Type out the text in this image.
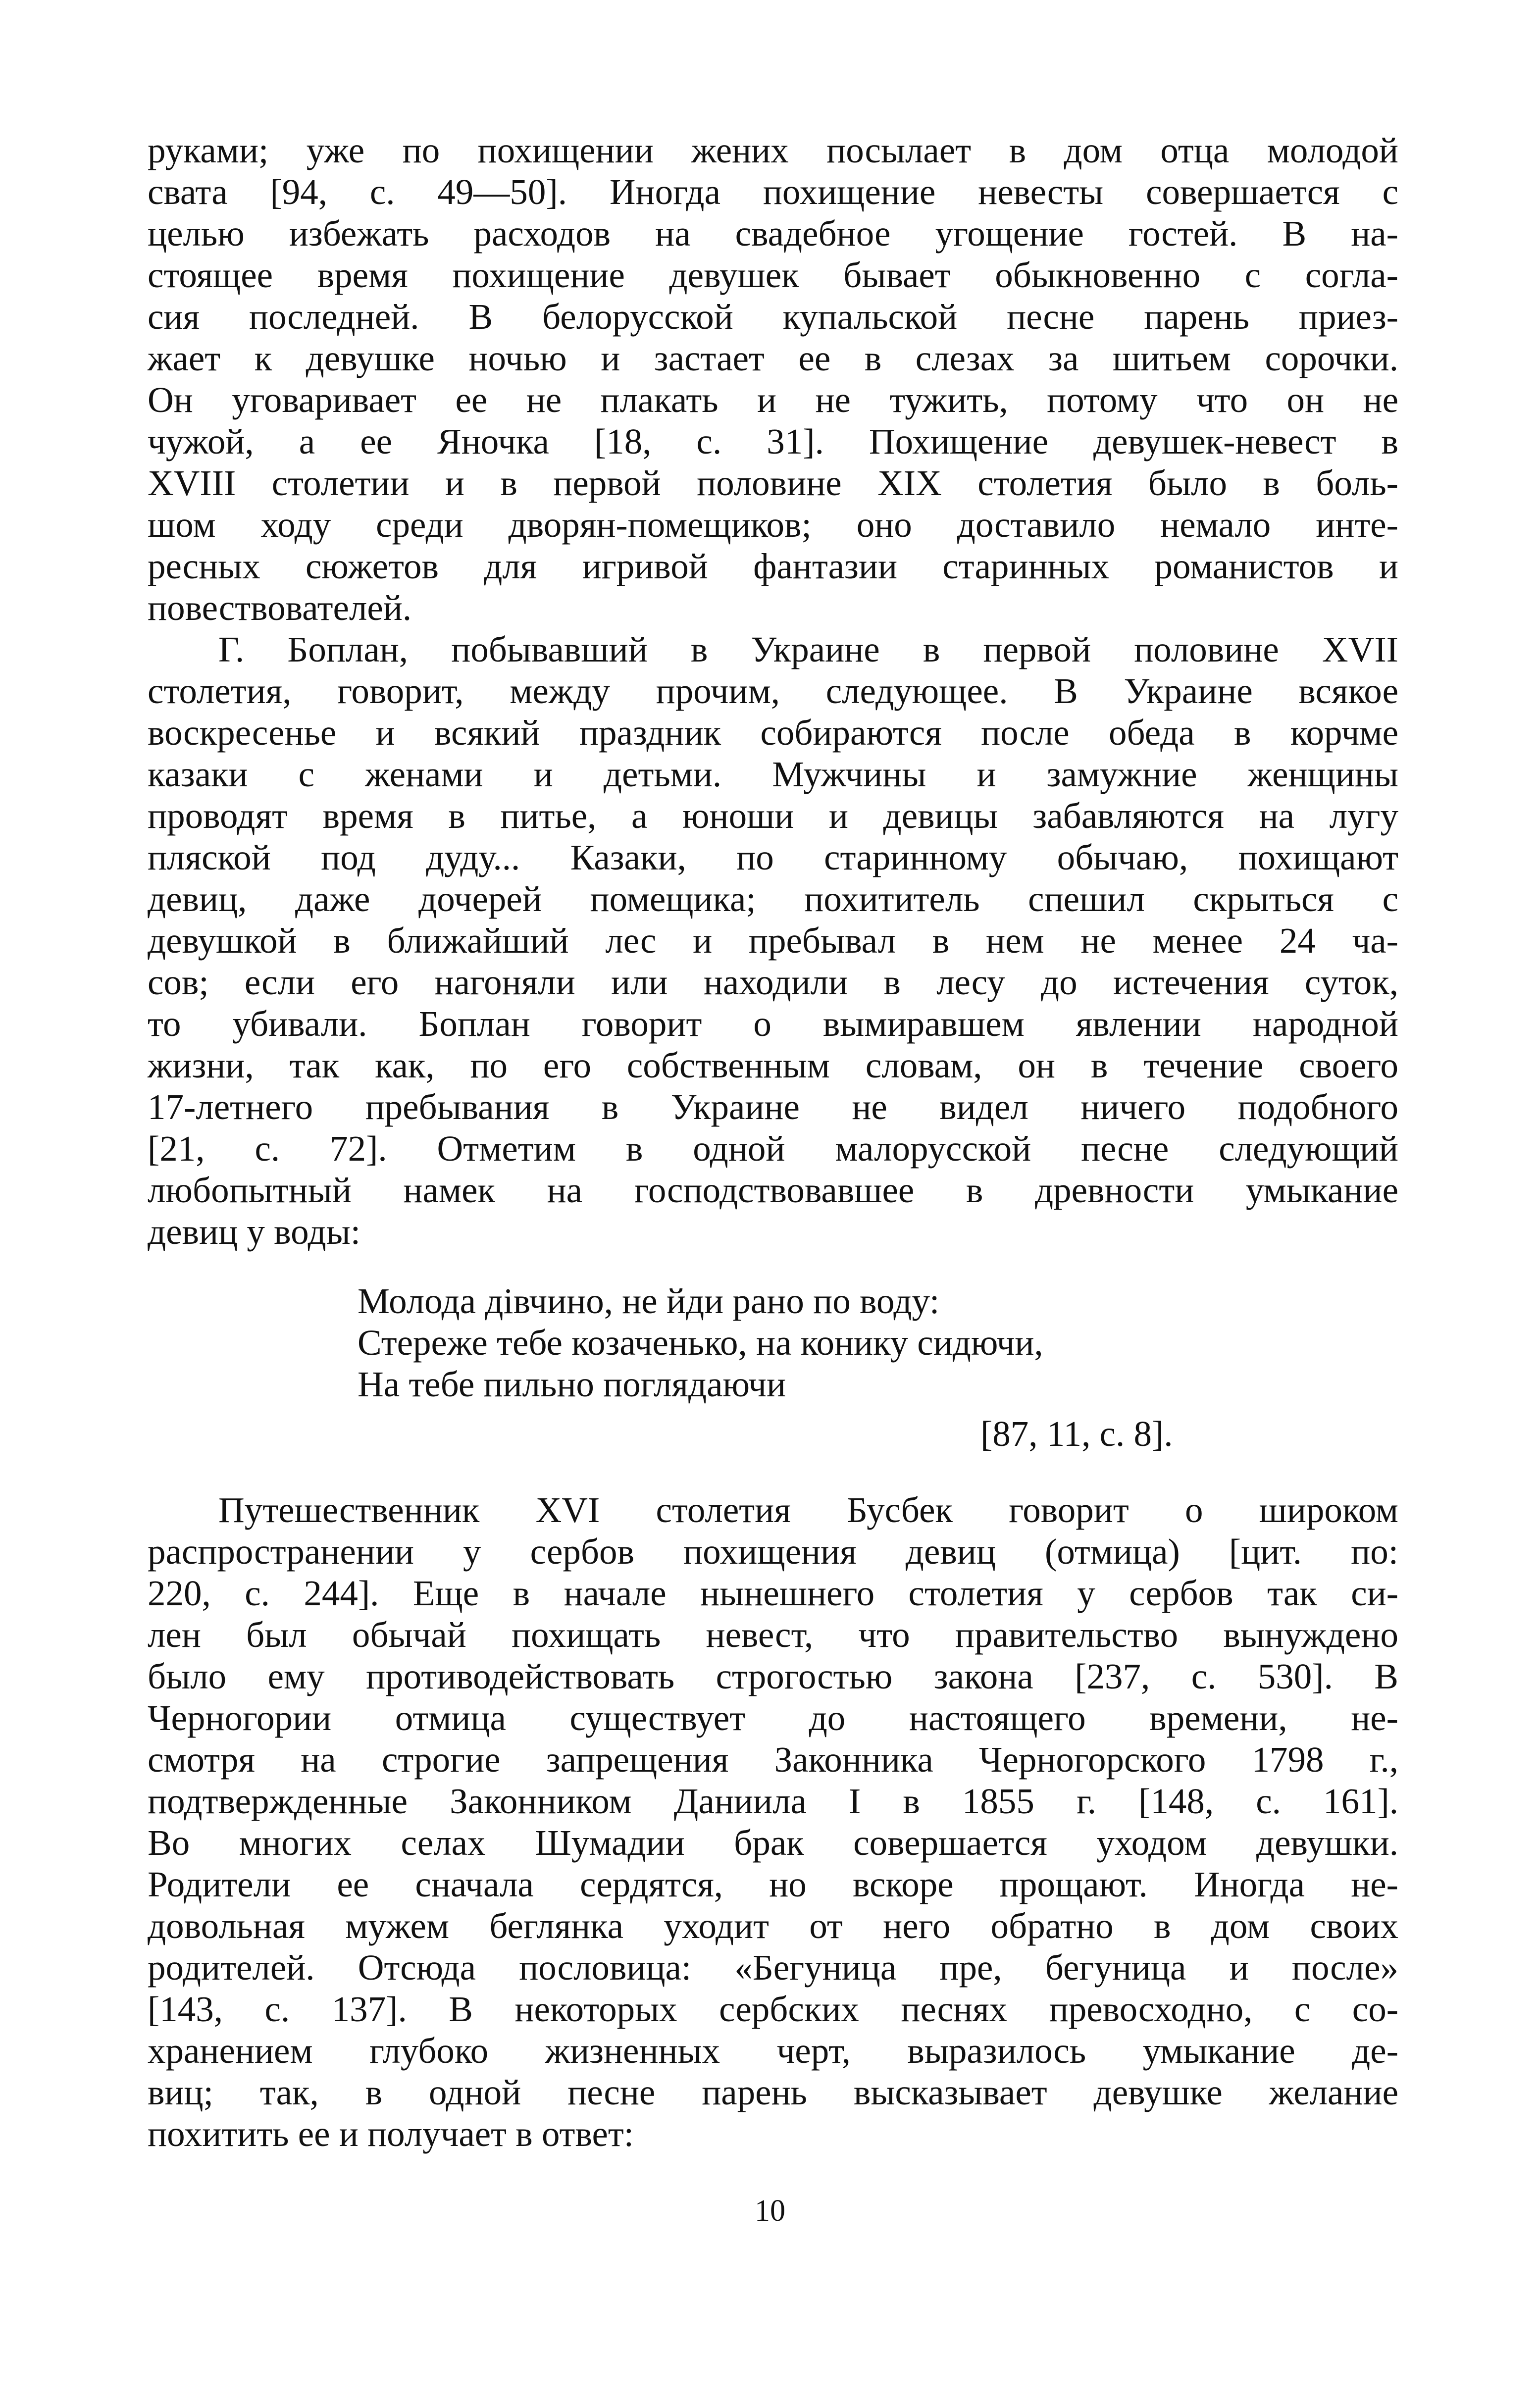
руками; уже по похищении жених посылает в дом отца молодой
свата [94, с. 49—50]. Иногда похищение невесты совершается с
целью избежать расходов на свадебное угощение гостей. В на-
стоящее время похищение девушек бывает обыкновенно с согла-
сия последней. В белорусской купальской песне парень приез-
жает к девушке ночью и застает ее в слезах за шитьем сорочки.
Он уговаривает ее не плакать и не тужить, потому что он не
чужой, а ее Яночка [18, с. 31]. Похищение девушек-невест в
XVIII столетии и в первой половине XIX столетия было в боль-
шом ходу среди дворян-помещиков; оно доставило немало инте-
ресных сюжетов для игривой фантазии старинных романистов и
повествователей.
Г. Боплан, побывавший в Украине в первой половине XVII
столетия, говорит, между прочим, следующее. В Украине всякое
воскресенье и всякий праздник собираются после обеда в корчме
казаки с женами и детьми. Мужчины и замужние женщины
проводят время в питье, а юноши и девицы забавляются на лугу
пляской под дуду... Казаки, по старинному обычаю, похищают
девиц, даже дочерей помещика; похититель спешил скрыться с
девушкой в ближайший лес и пребывал в нем не менее 24 ча-
сов; если его нагоняли или находили в лесу до истечения суток,
то убивали. Боплан говорит о вымиравшем явлении народной
жизни, так как, по его собственным словам, он в течение своего
17-летнего пребывания в Украине не видел ничего подобного
[21, с. 72]. Отметим в одной малорусской песне следующий
любопытный намек на господствовавшее в древности умыкание
девиц у воды:
Молода дівчино, не йди рано по воду:
Стереже тебе козаченько, на конику сидючи,
На тебе пильно поглядаючи
[87, 11, с. 8].
Путешественник XVI столетия Бусбек говорит о широком
распространении у сербов похищения девиц (отмица) [цит. по:
220, с. 244]. Еще в начале нынешнего столетия у сербов так си-
лен был обычай похищать невест, что правительство вынуждено
было ему противодействовать строгостью закона [237, с. 530]. В
Черногории отмица существует до настоящего времени, не-
смотря на строгие запрещения Законника Черногорского 1798 г.,
подтвержденные Законником Даниила I в 1855 г. [148, с. 161].
Во многих селах Шумадии брак совершается уходом девушки.
Родители ее сначала сердятся, но вскоре прощают. Иногда не-
довольная мужем беглянка уходит от него обратно в дом своих
родителей. Отсюда пословица: «Бегуница пре, бегуница и после»
[143, с. 137]. В некоторых сербских песнях превосходно, с со-
хранением глубоко жизненных черт, выразилось умыкание де-
виц; так, в одной песне парень высказывает девушке желание
похитить ее и получает в ответ:
10
